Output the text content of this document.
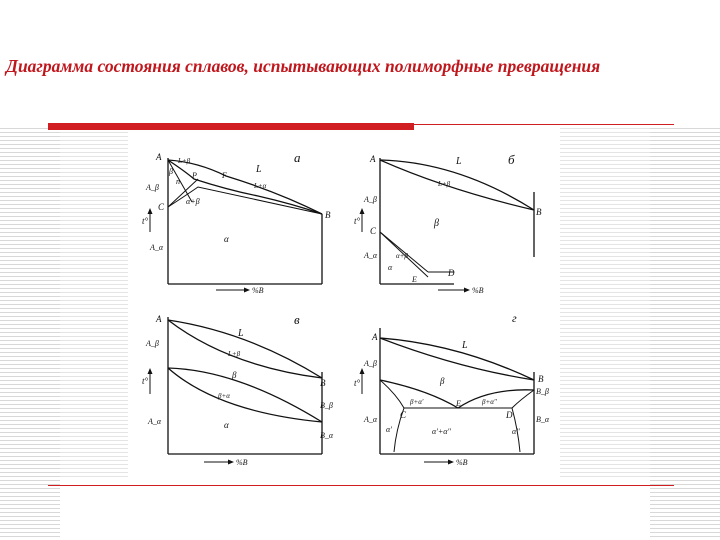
Диаграмма состояния сплавов, испытывающих полиморфные превращения
а
A
B
C
P	F
n
β	L
L+β
L+α
α+β
α
A_β
A_α
t°
%B
б
A
B
C
D
E
L
L+β
β
α+β
α
A_β
A_α
t°
%B
в
A
B
L
L+β
β
β+α
α
A_β
A_α
B_β
B_α
t°
%B
г
A
B
C	D
E
L
β
β+α'	β+α''
α'	α''
α'+α''
A_β
A_α
B_β
B_α
t°
%B
